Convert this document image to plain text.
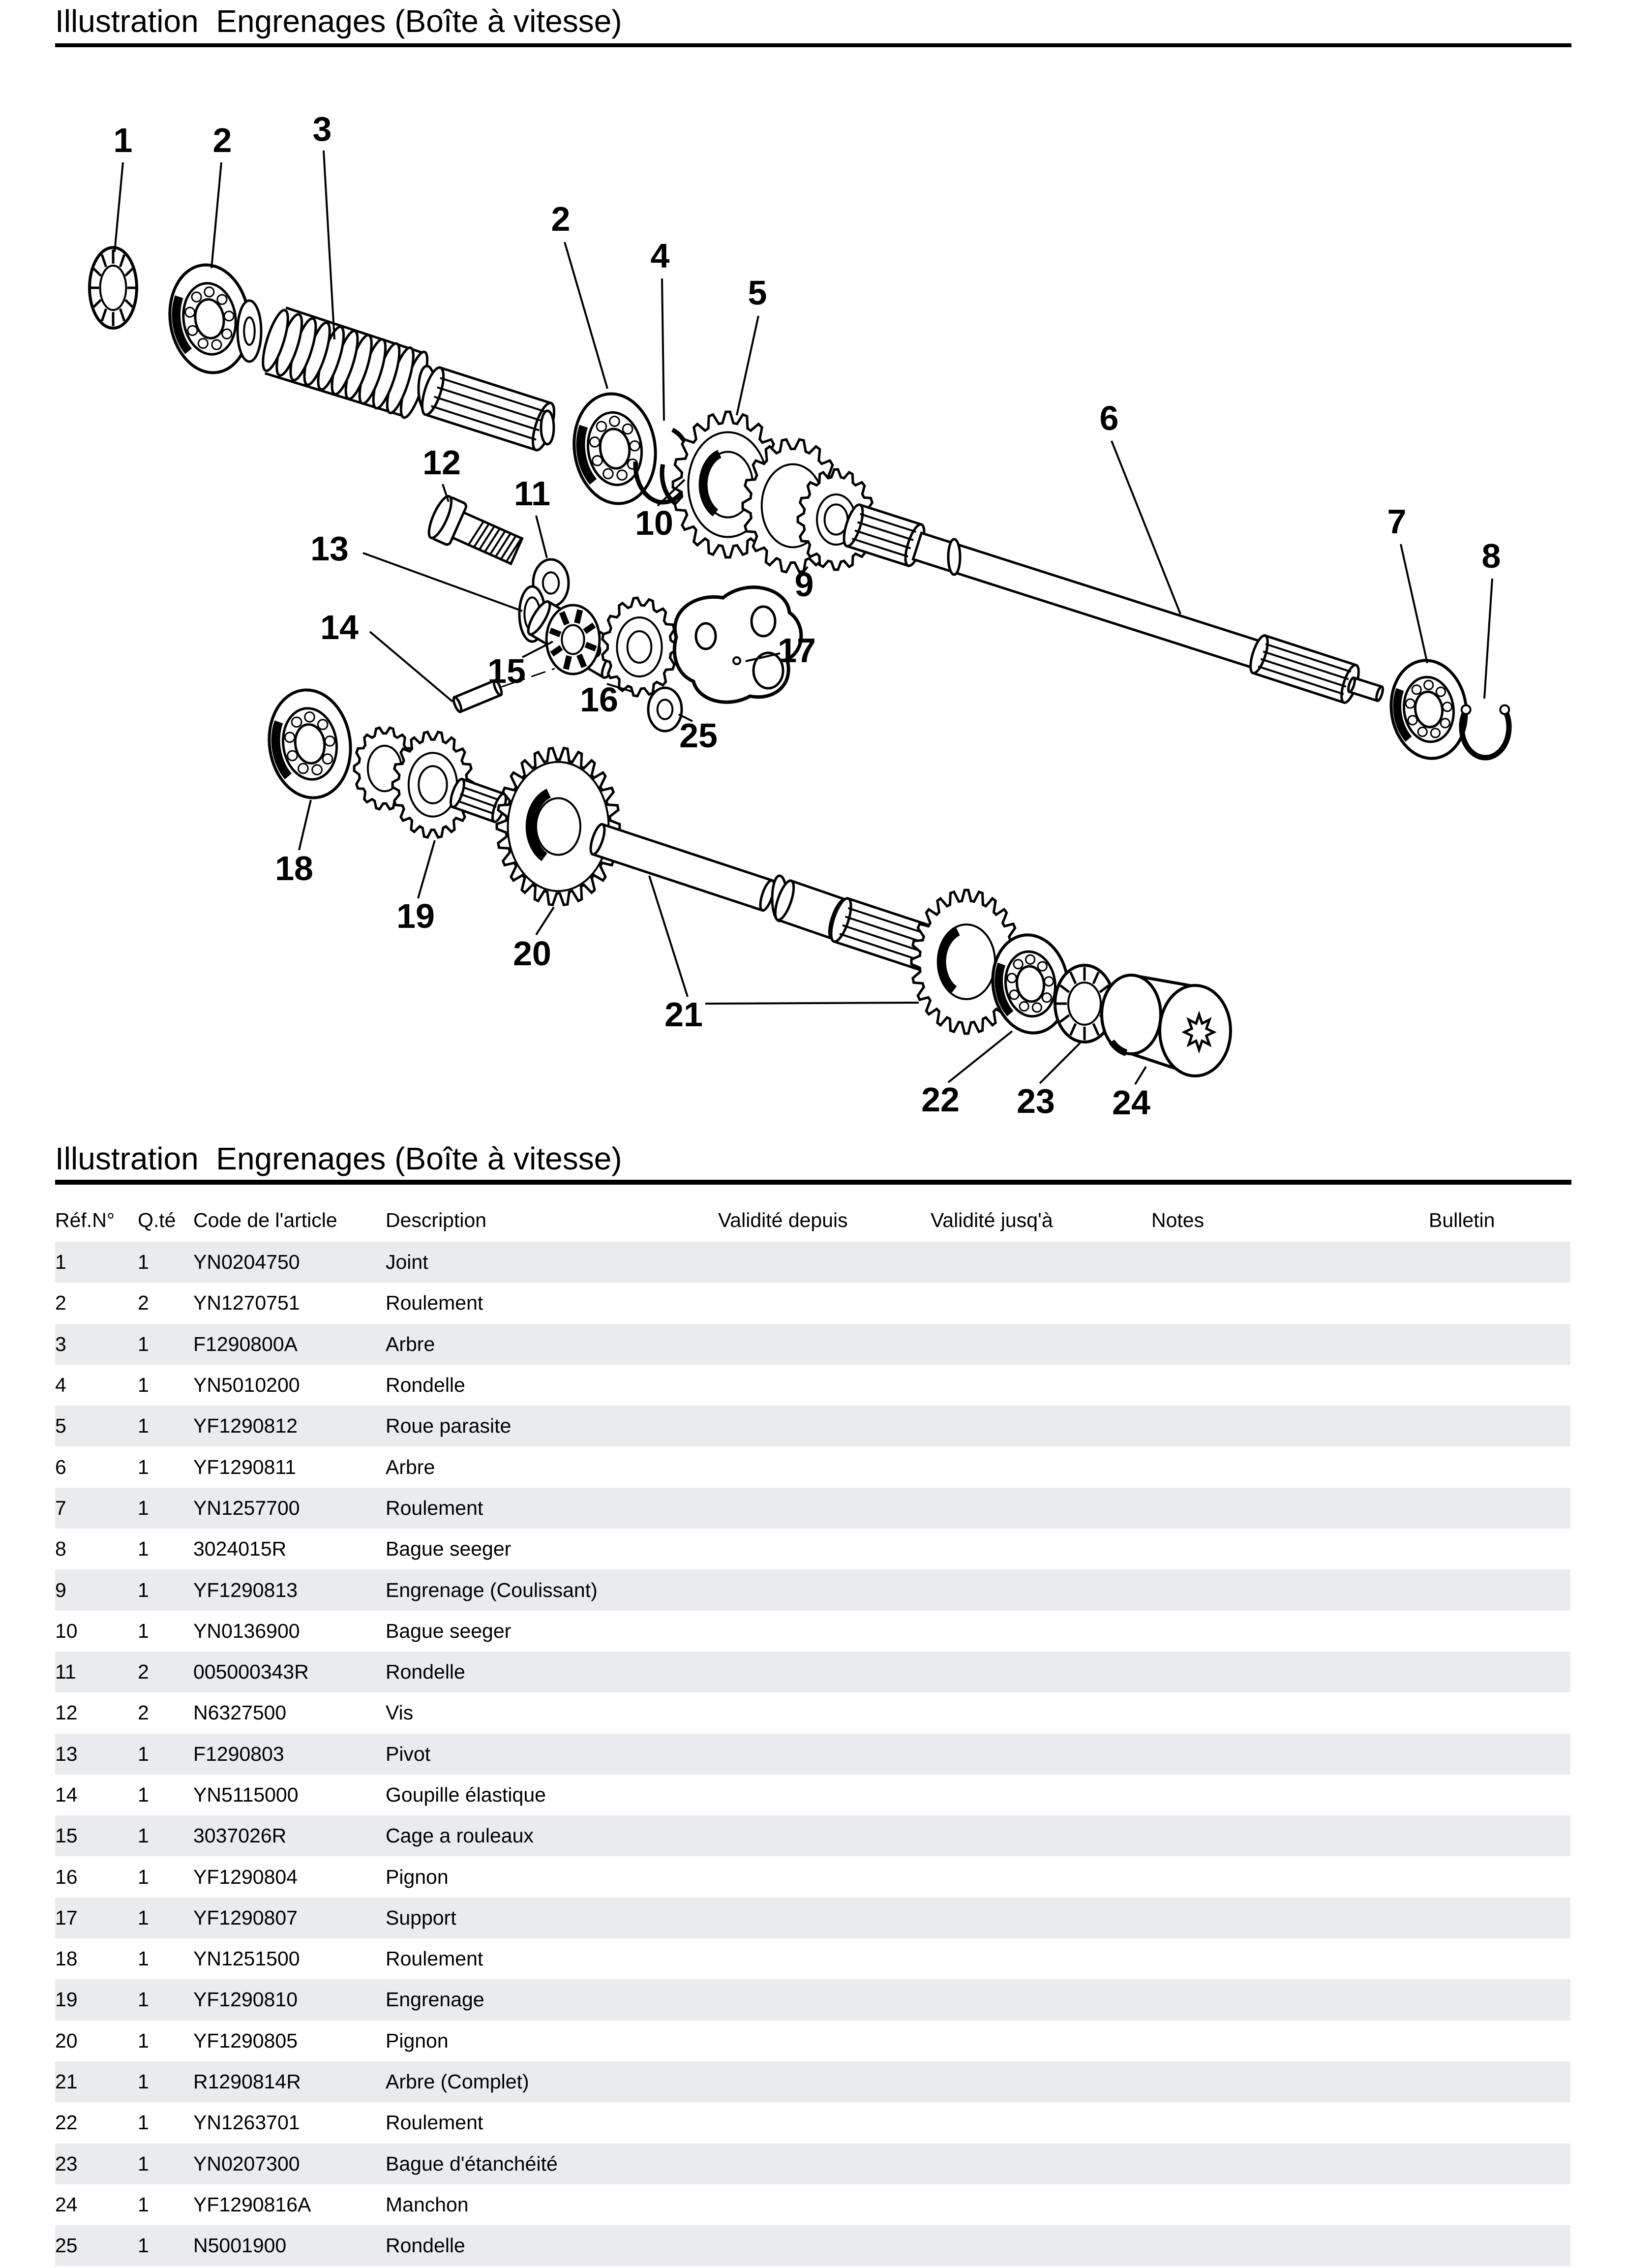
Illustration  Engrenages (Boîte à vitesse)
1 2 3
2
4
5
6
7
8
9
10
11
12
13
14
15
16
17
25
18
19
20
21
22 23 24
Illustration  Engrenages (Boîte à vitesse)
Réf.N°	Q.té Code de l'article	Description	Validité depuis	Validité jusq'à	Notes	Bulletin
1	1	YN0204750	Joint
2	2	YN1270751	Roulement
3	1	F1290800A	Arbre
4	1	YN5010200	Rondelle
5	1	YF1290812	Roue parasite
6	1	YF1290811	Arbre
7	1	YN1257700	Roulement
8	1	3024015R	Bague seeger
9	1	YF1290813	Engrenage (Coulissant)
10	1	YN0136900	Bague seeger
11	2	005000343R	Rondelle
12	2	N6327500	Vis
13	1	F1290803	Pivot
14	1	YN5115000	Goupille élastique
15	1	3037026R	Cage a rouleaux
16	1	YF1290804	Pignon
17	1	YF1290807	Support
18	1	YN1251500	Roulement
19	1	YF1290810	Engrenage
20	1	YF1290805	Pignon
21	1	R1290814R	Arbre (Complet)
22	1	YN1263701	Roulement
23	1	YN0207300	Bague d'étanchéité
24	1	YF1290816A	Manchon
25	1	N5001900	Rondelle
